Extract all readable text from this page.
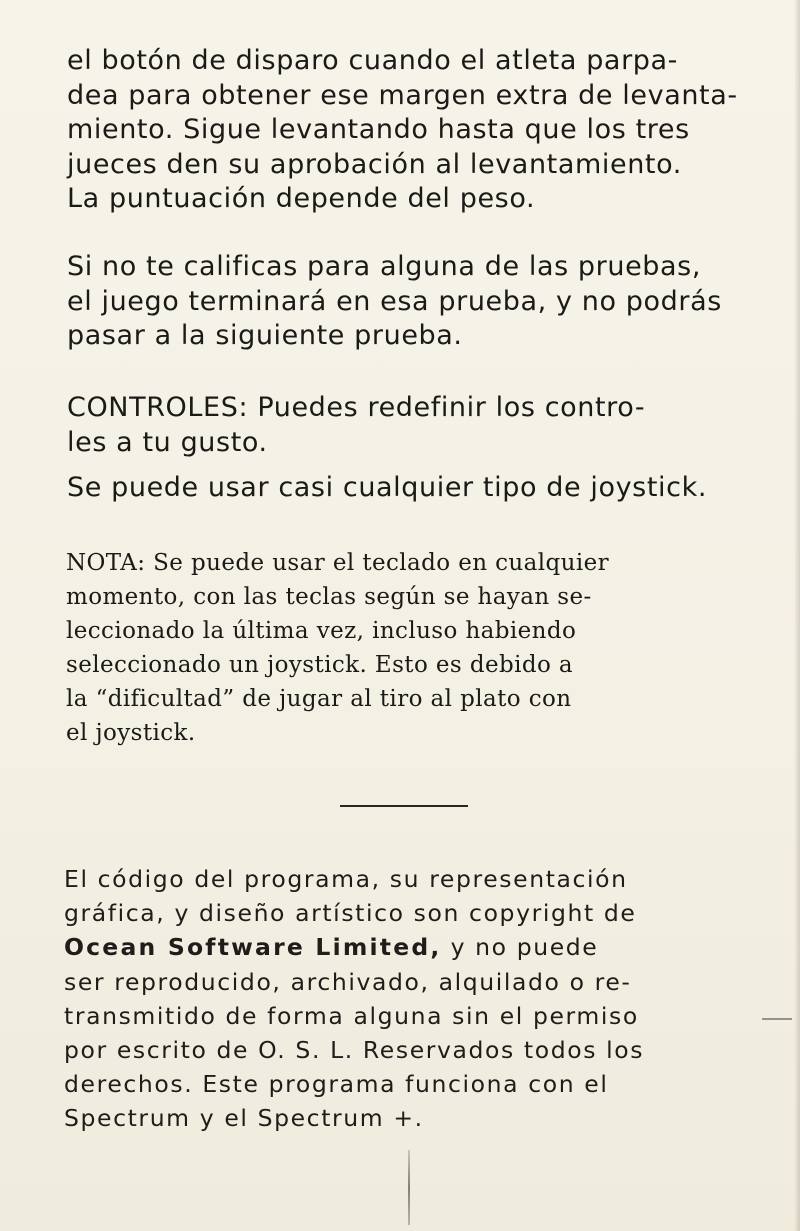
el botón de disparo cuando el atleta parpa-
dea para obtener ese margen extra de levanta-
miento. Sigue levantando hasta que los tres
jueces den su aprobación al levantamiento.
La puntuación depende del peso.
Si no te calificas para alguna de las pruebas,
el juego terminará en esa prueba, y no podrás
pasar a la siguiente prueba.
CONTROLES: Puedes redefinir los contro-
les a tu gusto.
Se puede usar casi cualquier tipo de joystick.
NOTA: Se puede usar el teclado en cualquier
momento, con las teclas según se hayan se-
leccionado la última vez, incluso habiendo
seleccionado un joystick. Esto es debido a
la “dificultad” de jugar al tiro al plato con
el joystick.
El código del programa, su representación
gráfica, y diseño artístico son copyright de
Ocean Software Limited, y no puede
ser reproducido, archivado, alquilado o re-
transmitido de forma alguna sin el permiso
por escrito de O. S. L. Reservados todos los
derechos. Este programa funciona con el
Spectrum y el Spectrum +.
